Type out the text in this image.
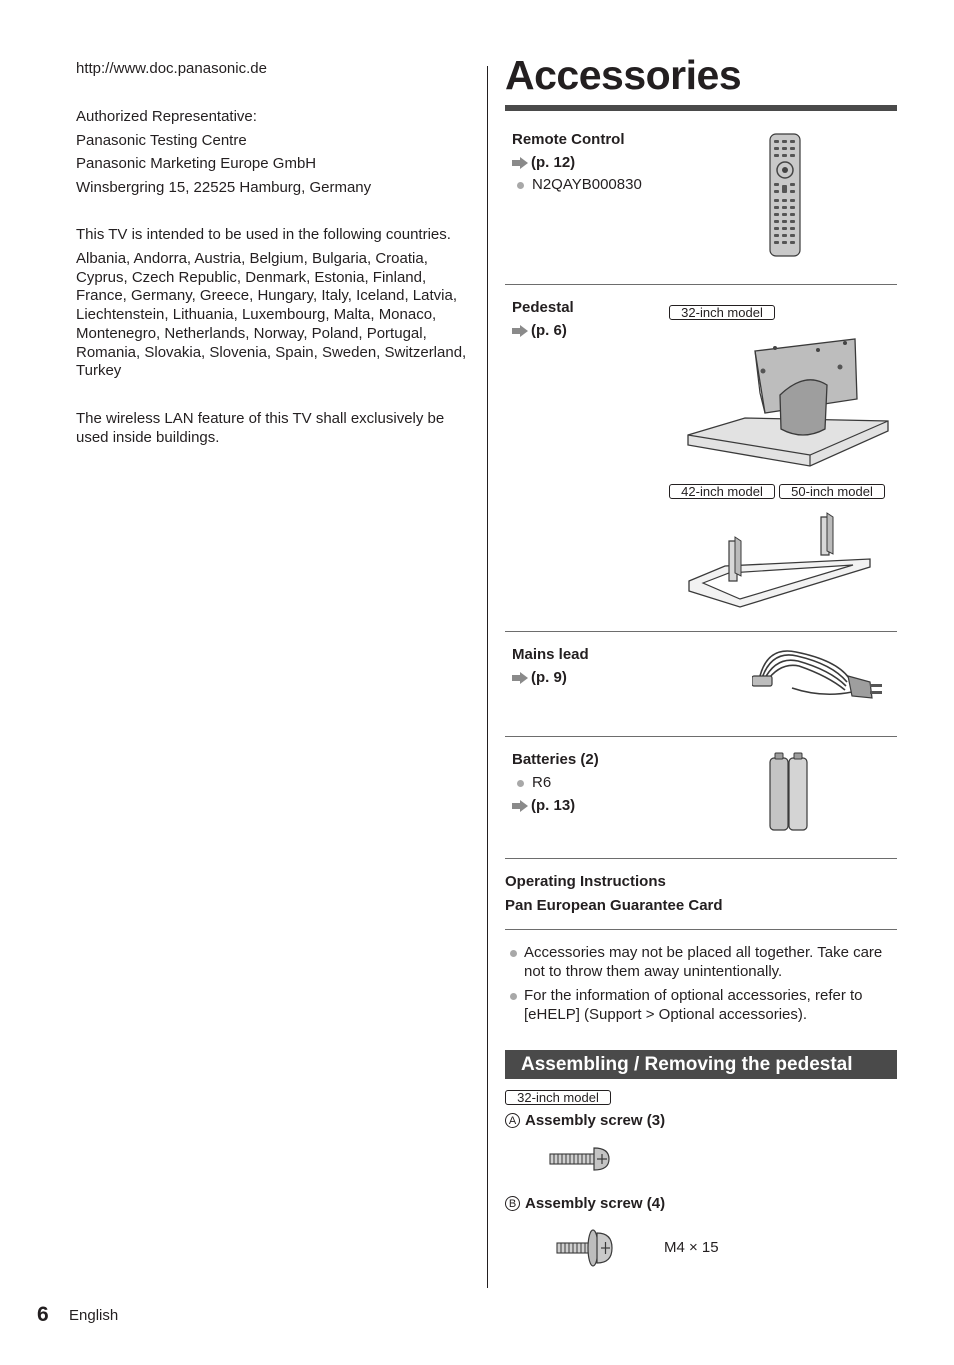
http://www.doc.panasonic.de
Authorized Representative:
Panasonic Testing Centre
Panasonic Marketing Europe GmbH
Winsbergring 15, 22525 Hamburg, Germany
This TV is intended to be used in the following countries.
Albania, Andorra, Austria, Belgium, Bulgaria, Croatia, Cyprus, Czech Republic, Denmark, Estonia, Finland, France, Germany, Greece, Hungary, Italy, Iceland, Latvia, Liechtenstein, Lithuania, Luxembourg, Malta, Monaco, Montenegro, Netherlands, Norway, Poland, Portugal, Romania, Slovakia, Slovenia, Spain, Sweden, Switzerland, Turkey
The wireless LAN feature of this TV shall exclusively be used inside buildings.
Accessories
Remote Control
(p. 12)
N2QAYB000830
Pedestal
(p. 6)
32-inch model
42-inch model	50-inch model
Mains lead
(p. 9)
Batteries (2)
R6
(p. 13)
Operating Instructions
Pan European Guarantee Card
Accessories may not be placed all together. Take care not to throw them away unintentionally.
For the information of optional accessories, refer to [eHELP] (Support > Optional accessories).
Assembling / Removing the pedestal
32-inch model
A Assembly screw (3)
B Assembly screw (4)
M4 × 15
6 English
